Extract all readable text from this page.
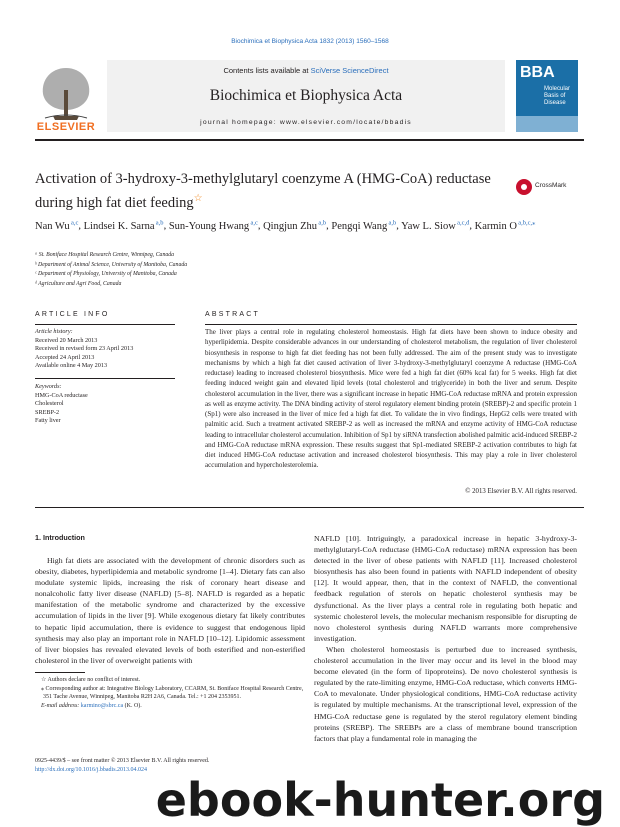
Biochimica et Biophysica Acta 1832 (2013) 1560–1568
ELSEVIER
Contents lists available at SciVerse ScienceDirect
Biochimica et Biophysica Acta
journal homepage: www.elsevier.com/locate/bbadis
BBA
Molecular Basis of Disease
Activation of 3-hydroxy-3-methylglutaryl coenzyme A (HMG-CoA) reductase during high fat diet feeding☆
CrossMark
Nan Wu $^{a,c}$, Lindsei K. Sarna $^{a,b}$, Sun-Young Hwang $^{a,c}$, Qingjun Zhu $^{a,b}$, Pengqi Wang $^{a,b}$, Yaw L. Siow $^{a,c,d}$, Karmin O $^{a,b,c,⁎}$
ᵃ St. Boniface Hospital Research Centre, Winnipeg, Canada
ᵇ Department of Animal Science, University of Manitoba, Canada
ᶜ Department of Physiology, University of Manitoba, Canada
ᵈ Agriculture and Agri Food, Canada
ARTICLE INFO
Article history:
Received 20 March 2013
Received in revised form 23 April 2013
Accepted 24 April 2013
Available online 4 May 2013
Keywords:
HMG-CoA reductase
Cholesterol
SREBP-2
Fatty liver
ABSTRACT
The liver plays a central role in regulating cholesterol homeostasis. High fat diets have been shown to induce obesity and hyperlipidemia. Despite considerable advances in our understanding of cholesterol metabolism, the regulation of liver cholesterol biosynthesis in response to high fat diet feeding has not been fully addressed. The aim of the present study was to investigate mechanisms by which a high fat diet caused activation of liver 3-hydroxy-3-methylglutaryl coenzyme A reductase (HMG-CoA reductase) leading to increased cholesterol biosynthesis. Mice were fed a high fat diet (60% kcal fat) for 5 weeks. High fat diet feeding induced weight gain and elevated lipid levels (total cholesterol and triglyceride) in both the liver and serum. Despite cholesterol accumulation in the liver, there was a significant increase in hepatic HMG-CoA reductase mRNA and protein expression as well as enzyme activity. The DNA binding activity of sterol regulatory element binding protein (SREBP)-2 and specific protein 1 (Sp1) were also increased in the liver of mice fed a high fat diet. To validate the in vivo findings, HepG2 cells were treated with palmitic acid. Such a treatment activated SREBP-2 as well as increased the mRNA and enzyme activity of HMG-CoA reductase leading to intracellular cholesterol accumulation. Inhibition of Sp1 by siRNA transfection abolished palmitic acid-induced SREBP-2 and HMG-CoA reductase mRNA expression. These results suggest that Sp1-mediated SREBP-2 activation contributes to high fat diet induced HMG-CoA reductase activation and increased cholesterol biosynthesis. This may play a role in liver cholesterol accumulation and hypercholesterolemia.
© 2013 Elsevier B.V. All rights reserved.
1. Introduction

High fat diets are associated with the development of chronic disorders such as obesity, diabetes, hyperlipidemia and metabolic syndrome [1–4]. Dietary fats can also modulate systemic lipids, increasing the risk of coronary heart disease and nonalcoholic fatty liver disease (NAFLD) [5–8]. NAFLD is regarded as a hepatic manifestation of the metabolic syndrome and characterized by the excessive accumulation of lipids in the liver [9]. While exogenous dietary fat likely contributes to hepatic lipid accumulation, there is evidence to suggest that endogenous lipid synthesis may also play an important role in NAFLD [10–12]. Lipidomic assessment of liver biopsies has revealed elevated levels of both esterified and non-esterified cholesterol in the liver of overweight patients with

NAFLD [10]. Intriguingly, a paradoxical increase in hepatic 3-hydroxy-3-methylglutaryl-CoA reductase (HMG-CoA reductase) mRNA expression has been detected in the liver of obese patients with NAFLD [11]. Increased cholesterol biosynthesis has also been found in patients with NAFLD independent of obesity [12]. It would appear, then, that in the context of NAFLD, the conventional feedback regulation of sterols on hepatic cholesterol synthesis may be dysfunctional. As the liver plays a central role in regulating both hepatic and systemic cholesterol levels, the molecular mechanism responsible for disrupting de novo cholesterol synthesis during NAFLD warrants more comprehensive investigation.

When cholesterol homeostasis is perturbed due to increased synthesis, cholesterol accumulation in the liver may occur and its level in the blood may become elevated (in the form of lipoproteins). De novo cholesterol synthesis is regulated by the rate-limiting enzyme, HMG-CoA reductase, which converts HMG-CoA to mevalonate. Under physiological conditions, HMG-CoA reductase activity is regulated by multiple mechanisms. At the transcriptional level, expression of the HMG-CoA reductase gene is regulated by the sterol regulatory element binding proteins (SREBP). The SREBPs are a class of membrane bound transcription factors that play a fundamental role in managing the

☆ Authors declare no conflict of interest.
⁎ Corresponding author at: Integrative Biology Laboratory, CCARM, St. Boniface Hospital Research Centre, 351 Tache Avenue, Winnipeg, Manitoba R2H 2A6, Canada. Tel.: +1 204 2353951.
E-mail address: karmino@sbrc.ca (K. O).
0925-4439/$ – see front matter © 2013 Elsevier B.V. All rights reserved.
http://dx.doi.org/10.1016/j.bbadis.2013.04.024
ebook-hunter.org
